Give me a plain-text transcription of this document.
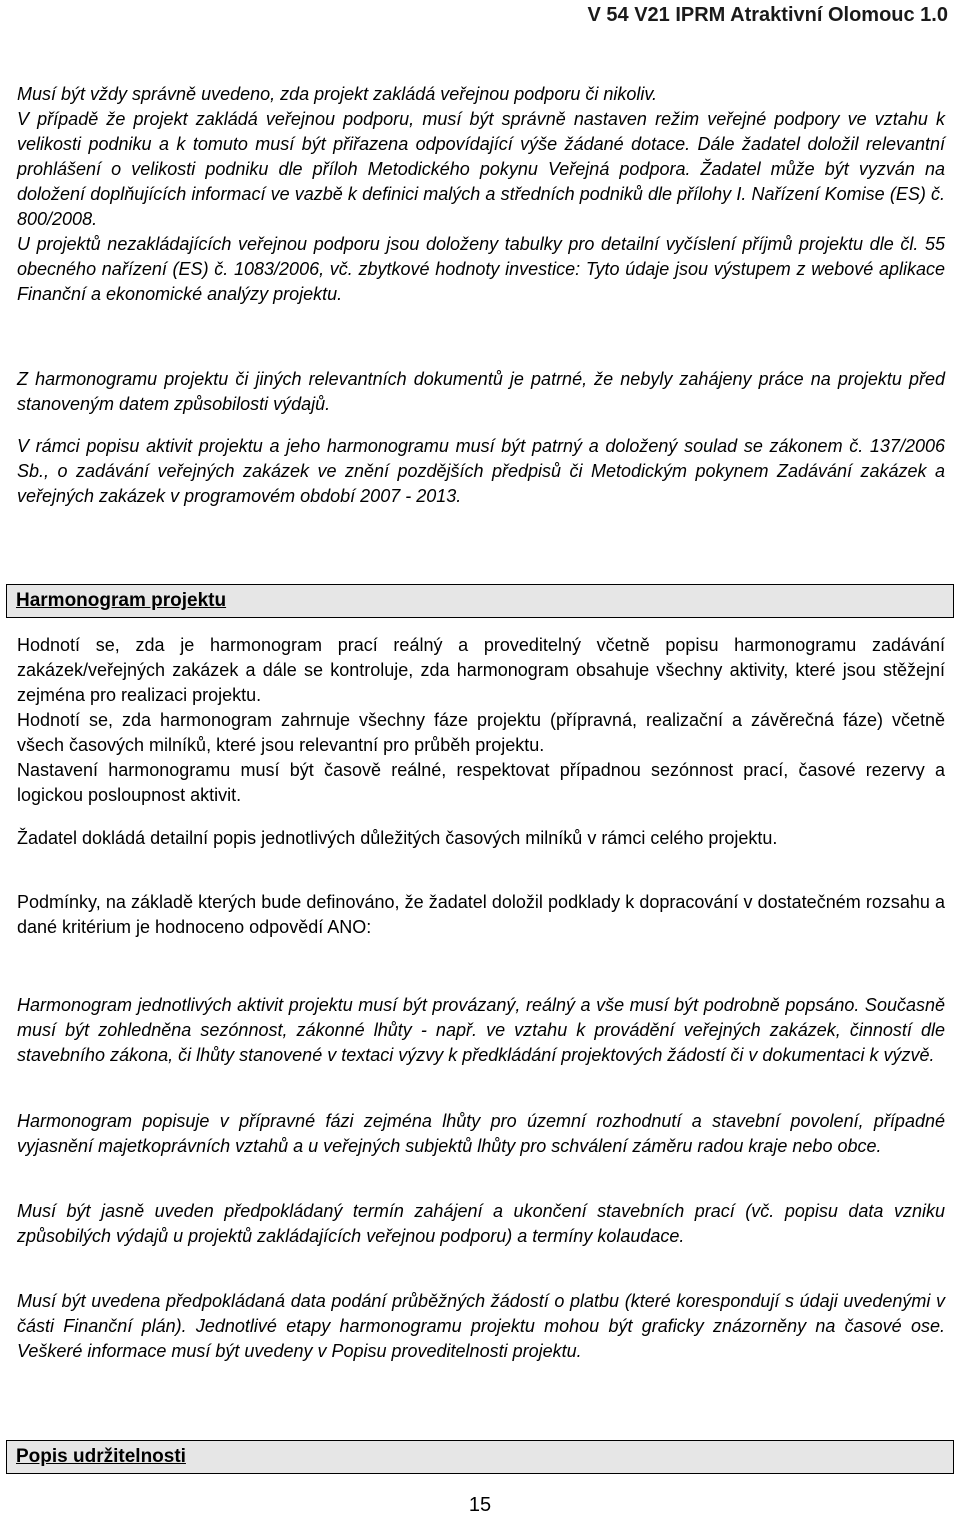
V 54 V21 IPRM Atraktivní Olomouc 1.0

Musí být vždy správně uvedeno, zda projekt zakládá veřejnou podporu či nikoliv.

V případě že projekt zakládá veřejnou podporu, musí být správně nastaven režim veřejné podpory ve vztahu k velikosti podniku a k tomuto musí být přiřazena odpovídající výše žádané dotace. Dále žadatel doložil relevantní prohlášení o velikosti podniku dle příloh Metodického pokynu Veřejná podpora. Žadatel může být vyzván na doložení doplňujících informací ve vazbě k definici malých a středních podniků dle přílohy I. Nařízení Komise (ES) č. 800/2008.

U projektů nezakládajících veřejnou podporu jsou doloženy tabulky pro detailní vyčíslení příjmů projektu dle čl. 55 obecného nařízení (ES) č. 1083/2006, vč. zbytkové hodnoty investice: Tyto údaje jsou výstupem z webové aplikace Finanční a ekonomické analýzy projektu.

Z harmonogramu projektu či jiných relevantních dokumentů je patrné, že nebyly zahájeny práce na projektu před stanoveným datem způsobilosti výdajů.

V rámci popisu aktivit projektu a jeho harmonogramu musí být patrný a doložený soulad se zákonem č. 137/2006 Sb., o zadávání veřejných zakázek ve znění pozdějších předpisů či Metodickým pokynem Zadávání zakázek a veřejných zakázek v programovém období 2007 - 2013.

Harmonogram projektu

Hodnotí se, zda je harmonogram prací reálný a proveditelný včetně popisu harmonogramu zadávání zakázek/veřejných zakázek a dále se kontroluje, zda harmonogram obsahuje všechny aktivity, které jsou stěžejní zejména pro realizaci projektu.

Hodnotí se, zda harmonogram zahrnuje všechny fáze projektu (přípravná, realizační a závěrečná fáze) včetně všech časových milníků, které jsou relevantní pro průběh projektu.

Nastavení harmonogramu musí být časově reálné, respektovat případnou sezónnost prací, časové rezervy a logickou posloupnost aktivit.

Žadatel dokládá detailní popis jednotlivých důležitých časových milníků v rámci celého projektu.

Podmínky, na základě kterých bude definováno, že žadatel doložil podklady k dopracování v dostatečném rozsahu a dané kritérium je hodnoceno odpovědí ANO:

Harmonogram jednotlivých aktivit projektu musí být provázaný, reálný a vše musí být podrobně popsáno. Současně musí být zohledněna sezónnost, zákonné lhůty - např. ve vztahu k provádění veřejných zakázek, činností dle stavebního zákona, či lhůty stanovené v textaci výzvy k předkládání projektových žádostí či v dokumentaci k výzvě.

Harmonogram popisuje v přípravné fázi zejména lhůty pro územní rozhodnutí a stavební povolení, případné vyjasnění majetkoprávních vztahů a u veřejných subjektů lhůty pro schválení záměru radou kraje nebo obce.

Musí být jasně uveden předpokládaný termín zahájení a ukončení stavebních prací (vč. popisu data vzniku způsobilých výdajů u projektů zakládajících veřejnou podporu) a termíny kolaudace.

Musí být uvedena předpokládaná data podání průběžných žádostí o platbu (které korespondují s údaji uvedenými v části Finanční plán). Jednotlivé etapy harmonogramu projektu mohou být graficky znázorněny na časové ose. Veškeré informace musí být uvedeny v Popisu proveditelnosti projektu.

Popis udržitelnosti
15
